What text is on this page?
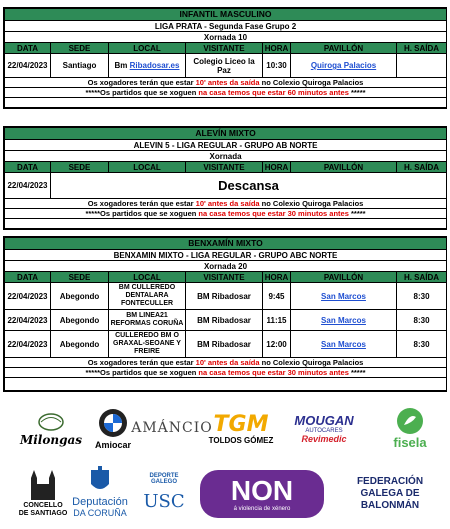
INFANTIL MASCULINO						
LIGA PRATA - Segunda Fase Grupo 2						
Xornada 10						
DATA	SEDE	LOCAL	VISITANTE	HORA	PAVILLÓN	H. SAÍDA
22/04/2023	Santiago	Bm Ribadosar.es	Colegio Liceo la Paz	10:30	Quiroga Palacios	
Os xogadores terán que estar 10' antes da saída no Colexio Quiroga Palacios						
*****Os partidos que se xoguen na casa temos que estar 60 minutos antes *****						

ALEVÍN MIXTO						
ALEVIN 5 - LIGA REGULAR - GRUPO AB NORTE						
Xornada						
DATA	SEDE	LOCAL	VISITANTE	HORA	PAVILLÓN	H. SAÍDA
22/04/2023	Descansa					
Os xogadores terán que estar 10' antes da saída no Colexio Quiroga Palacios						
*****Os partidos que se xoguen na casa temos que estar 30 minutos antes *****						

BENXAMÍN MIXTO						
BENXAMIN MIXTO - LIGA REGULAR - GRUPO ABC NORTE						
Xornada 20						
DATA	SEDE	LOCAL	VISITANTE	HORA	PAVILLÓN	H. SAÍDA
22/04/2023	Abegondo	BM CULLEREDO DENTALARA FONTECULLER	BM Ribadosar	9:45	San Marcos	8:30
22/04/2023	Abegondo	BM LINEA21 REFORMAS CORUÑA	BM Ribadosar	11:15	San Marcos	8:30
22/04/2023	Abegondo	CULLEREDO BM O GRAXAL-SEOANE Y FREIRE	BM Ribadosar	12:00	San Marcos	8:30
Os xogadores terán que estar 10' antes da saída no Colexio Quiroga Palacios						
*****Os partidos que se xoguen na casa temos que estar 30 minutos antes *****						

Milongas Amiocar
AMÁNCIO TGM
TOLDOS GÓMEZ
MOUGAN
AUTOCARES
Revimedic	fisela
CONCELLO DE SANTIAGO
Deputación
DA CORUÑA
DEPORTE GALEGO
USC NON
á violencia de xénero
FEDERACIÓN GALEGA DE BALONMÁN
